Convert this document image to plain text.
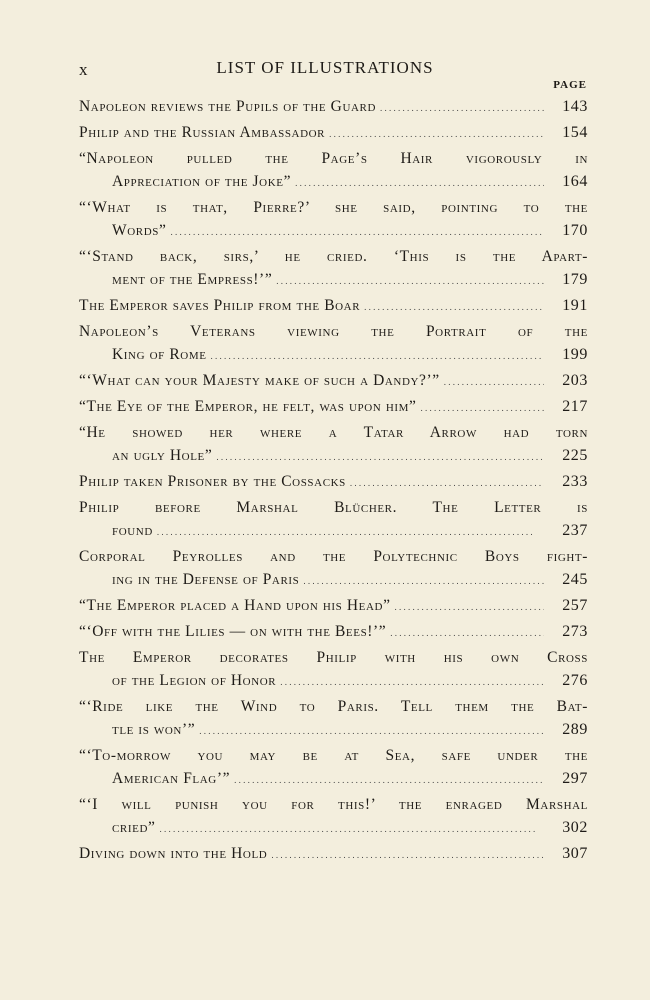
x	LIST OF ILLUSTRATIONS
PAGE
Napoleon reviews the Pupils of the Guard . . .	143
Philip and the Russian Ambassador . . .	154
“Napoleon pulled the Page’s Hair vigorously in
Appreciation of the Joke” . . .	164
“‘What is that, Pierre?’ she said, pointing to the
Words” . . .	170
“‘Stand back, sirs,’ he cried. ‘This is the Apart-
ment of the Empress!’” . . .	179
The Emperor saves Philip from the Boar . . .	191
Napoleon’s Veterans viewing the Portrait of the
King of Rome . . .	199
“‘What can your Majesty make of such a Dandy?’” . . .	203
“The Eye of the Emperor, he felt, was upon him” . . .	217
“He showed her where a Tatar Arrow had torn
an ugly Hole” . . .	225
Philip taken Prisoner by the Cossacks . . .	233
Philip before Marshal Blücher. The Letter is
found . . .	237
Corporal Peyrolles and the Polytechnic Boys fight-
ing in the Defense of Paris . . .	245
“The Emperor placed a Hand upon his Head” . . .	257
“‘Off with the Lilies — on with the Bees!’” . . .	273
The Emperor decorates Philip with his own Cross
of the Legion of Honor . . .	276
“‘Ride like the Wind to Paris. Tell them the Bat-
tle is won’” . . .	289
“‘To-morrow you may be at Sea, safe under the
American Flag’” . . .	297
“‘I will punish you for this!’ the enraged Marshal
cried” . . .	302
Diving down into the Hold . . .	307
